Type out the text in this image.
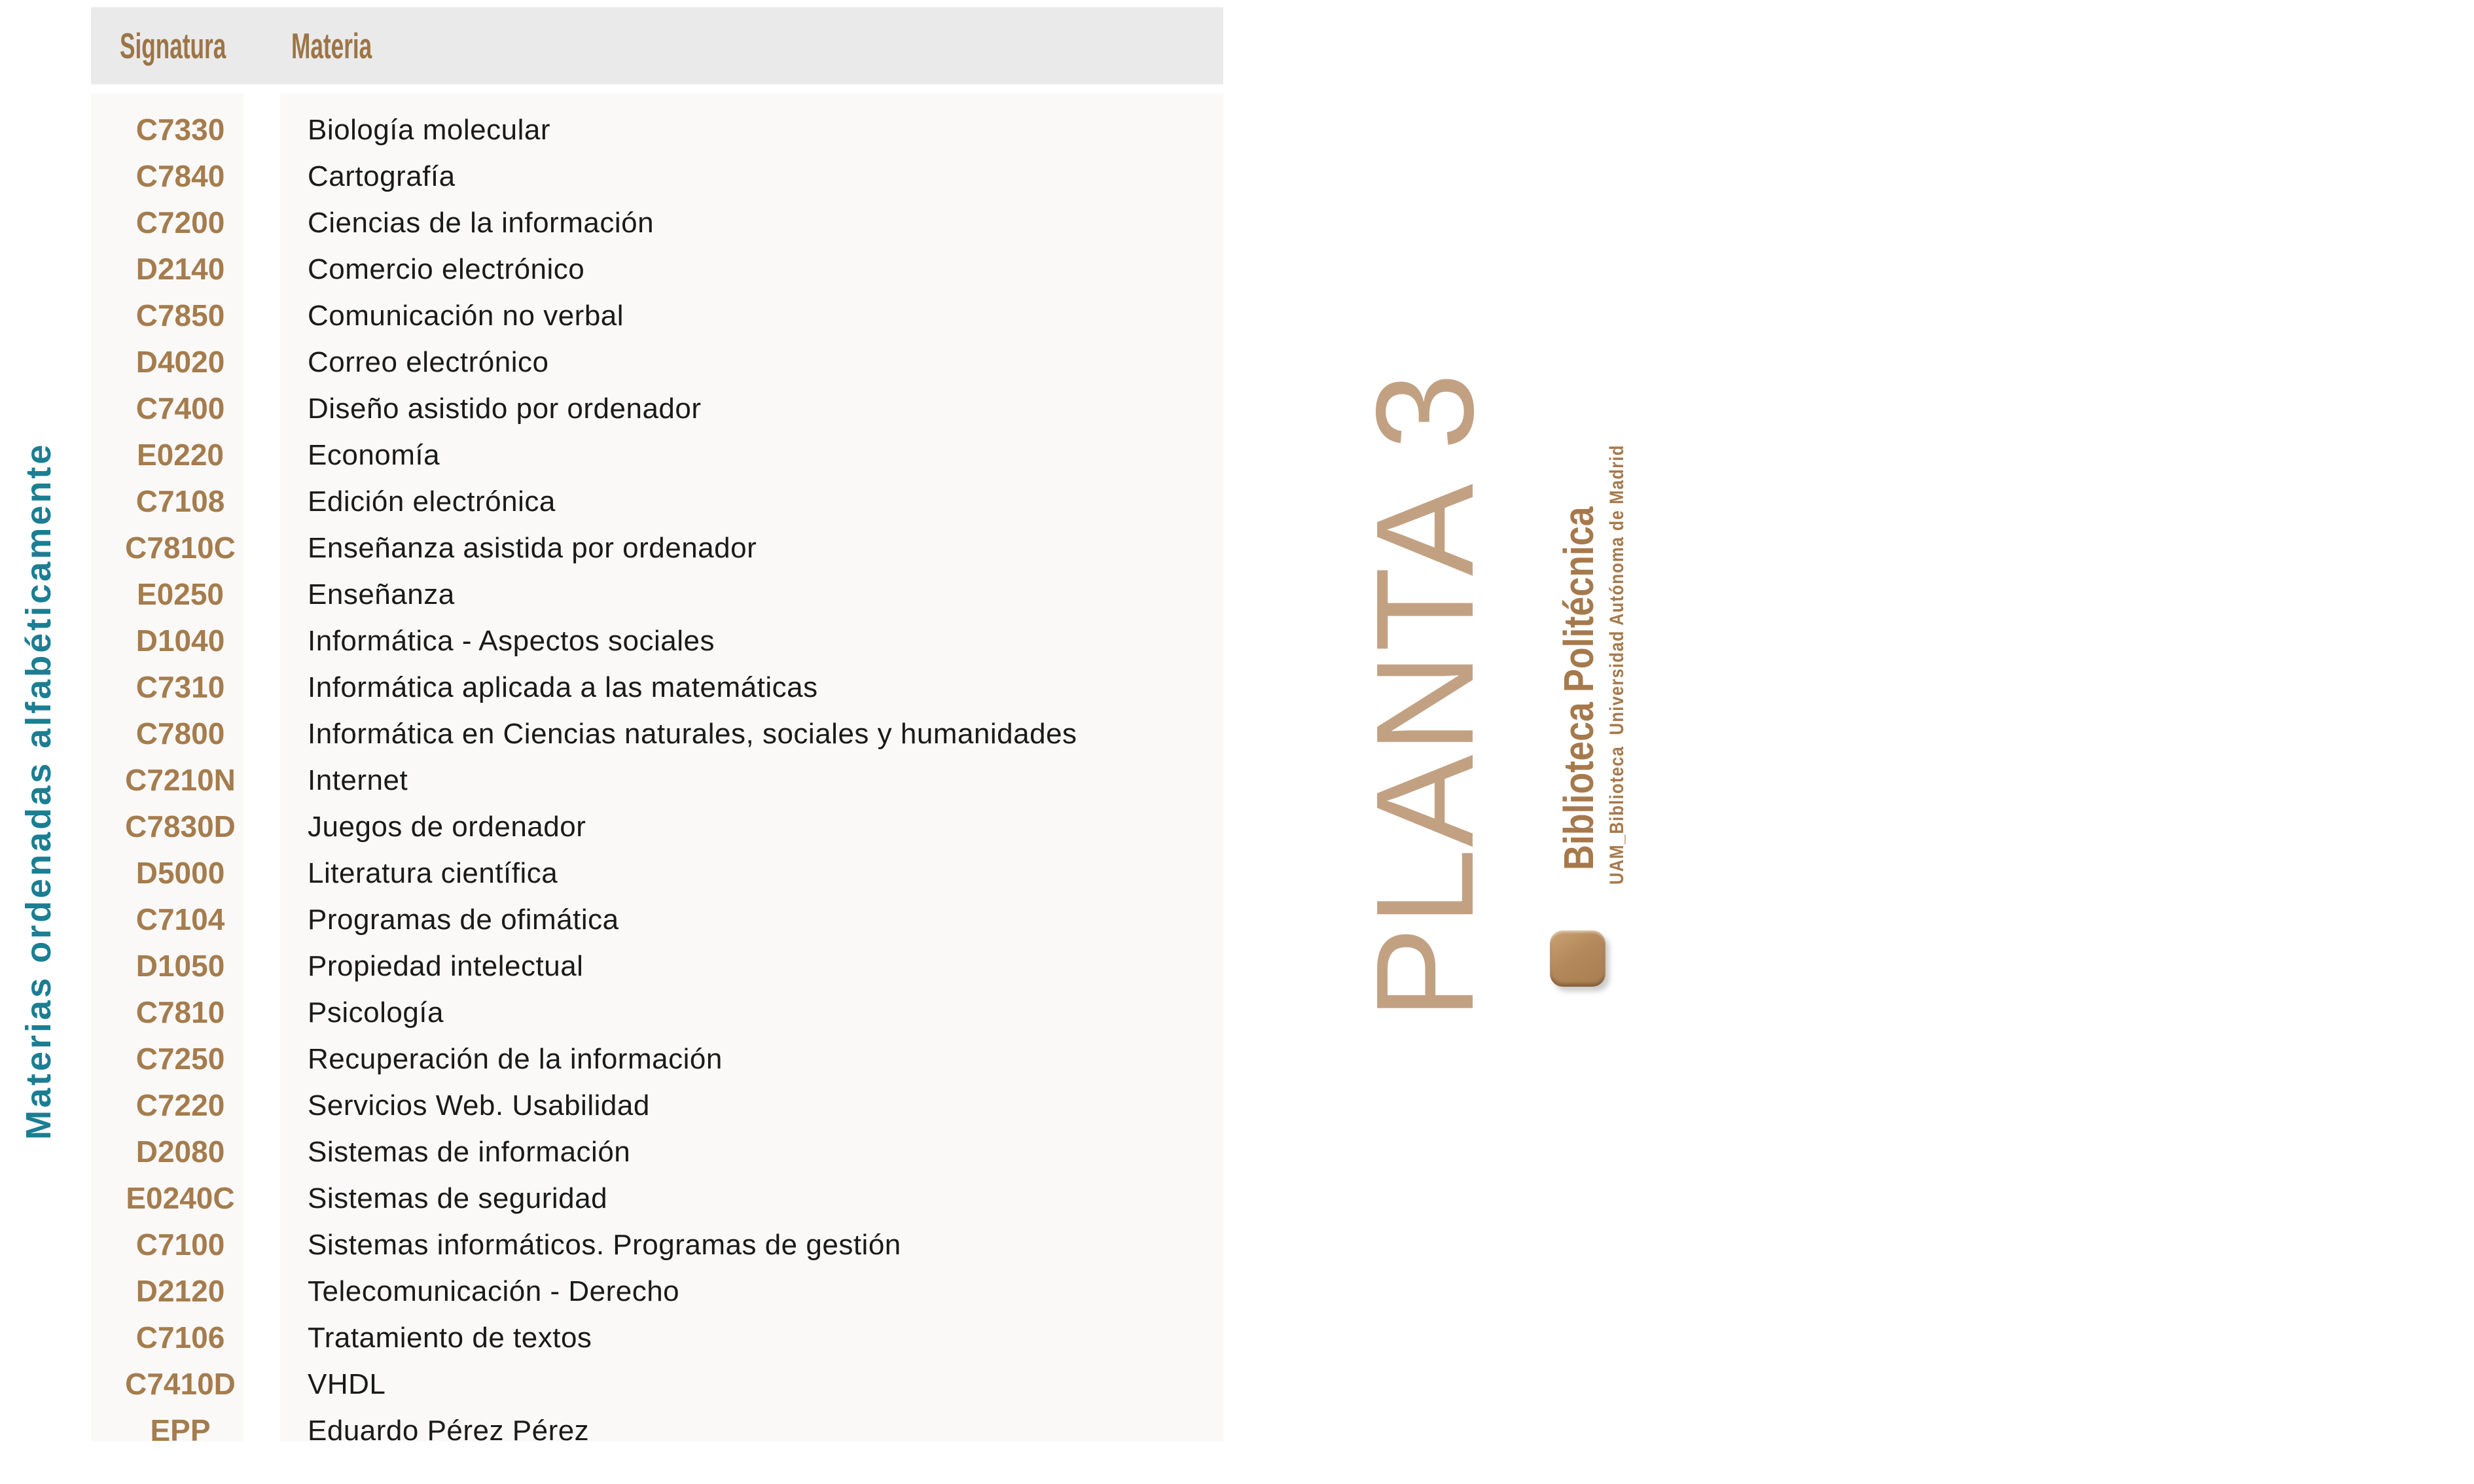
Materias ordenadas alfabéticamente
Signatura Materia
C7330
C7840
C7200
D2140
C7850
D4020
C7400
E0220
C7108
C7810C
E0250
D1040
C7310
C7800
C7210N
C7830D
D5000
C7104
D1050
C7810
C7250
C7220
D2080
E0240C
C7100
D2120
C7106
C7410D
EPP
Biología molecular
Cartografía
Ciencias de la información
Comercio electrónico
Comunicación no verbal
Correo electrónico
Diseño asistido por ordenador
Economía
Edición electrónica
Enseñanza asistida por ordenador
Enseñanza
Informática - Aspectos sociales
Informática aplicada a las matemáticas
Informática en Ciencias naturales, sociales y humanidades
Internet
Juegos de ordenador
Literatura científica
Programas de ofimática
Propiedad intelectual
Psicología
Recuperación de la información
Servicios Web. Usabilidad
Sistemas de información
Sistemas de seguridad
Sistemas informáticos. Programas de gestión
Telecomunicación - Derecho
Tratamiento de textos
VHDL
Eduardo Pérez Pérez
PLANTA 3 Biblioteca Politécnica UAM_Biblioteca  Universidad Autónoma de Madrid
